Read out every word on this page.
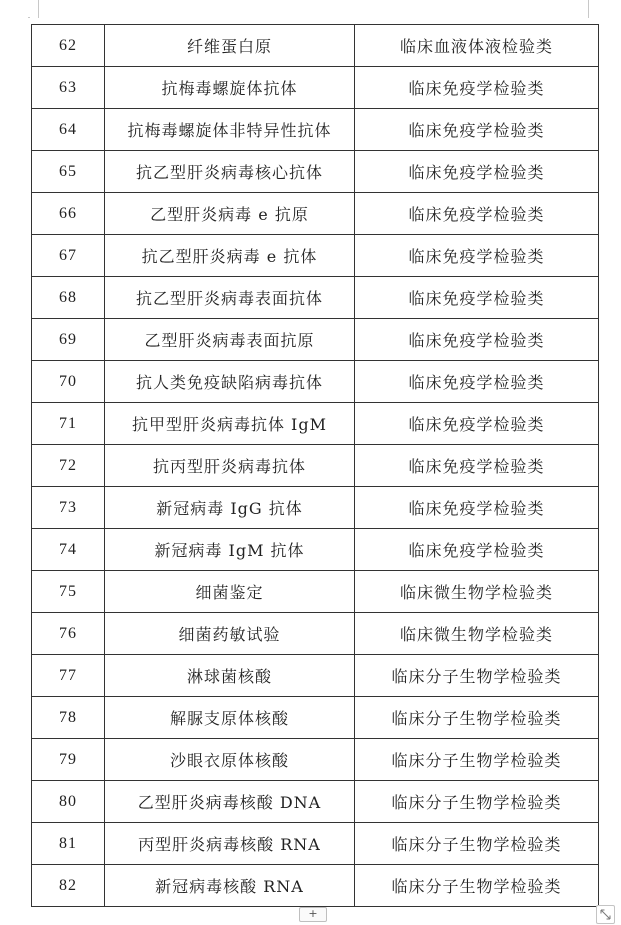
62	纤维蛋白原	临床血液体液检验类
63	抗梅毒螺旋体抗体	临床免疫学检验类
64	抗梅毒螺旋体非特异性抗体	临床免疫学检验类
65	抗乙型肝炎病毒核心抗体	临床免疫学检验类
66	乙型肝炎病毒 e 抗原	临床免疫学检验类
67	抗乙型肝炎病毒 e 抗体	临床免疫学检验类
68	抗乙型肝炎病毒表面抗体	临床免疫学检验类
69	乙型肝炎病毒表面抗原	临床免疫学检验类
70	抗人类免疫缺陷病毒抗体	临床免疫学检验类
71	抗甲型肝炎病毒抗体 IgM	临床免疫学检验类
72	抗丙型肝炎病毒抗体	临床免疫学检验类
73	新冠病毒 IgG 抗体	临床免疫学检验类
74	新冠病毒 IgM 抗体	临床免疫学检验类
75	细菌鉴定	临床微生物学检验类
76	细菌药敏试验	临床微生物学检验类
77	淋球菌核酸	临床分子生物学检验类
78	解脲支原体核酸	临床分子生物学检验类
79	沙眼衣原体核酸	临床分子生物学检验类
80	乙型肝炎病毒核酸 DNA	临床分子生物学检验类
81	丙型肝炎病毒核酸 RNA	临床分子生物学检验类
82	新冠病毒核酸 RNA	临床分子生物学检验类
+
